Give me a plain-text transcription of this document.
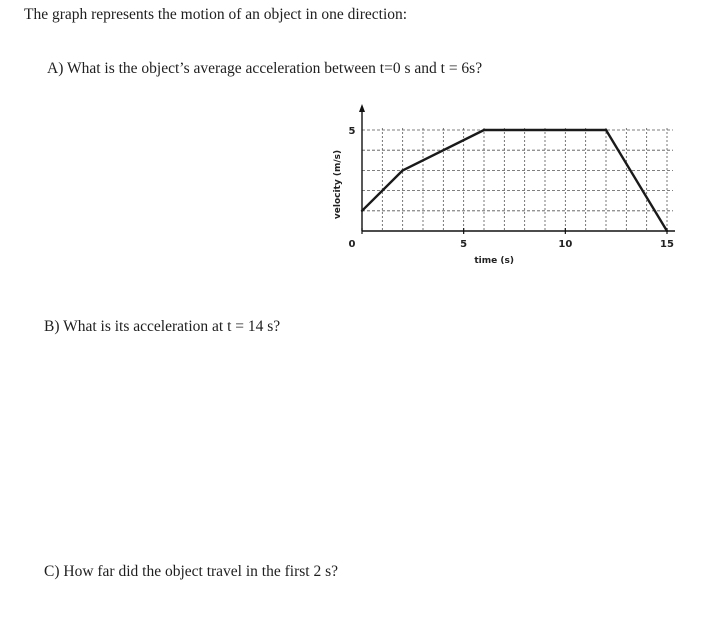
The graph represents the motion of an object in one direction:
A) What is the object’s average acceleration between t=0 s and t = 6s?
B) What is its acceleration at t = 14 s?
C) How far did the object travel in the first 2 s?
0	5	10	15
5
time (s)
velocity (m/s)
